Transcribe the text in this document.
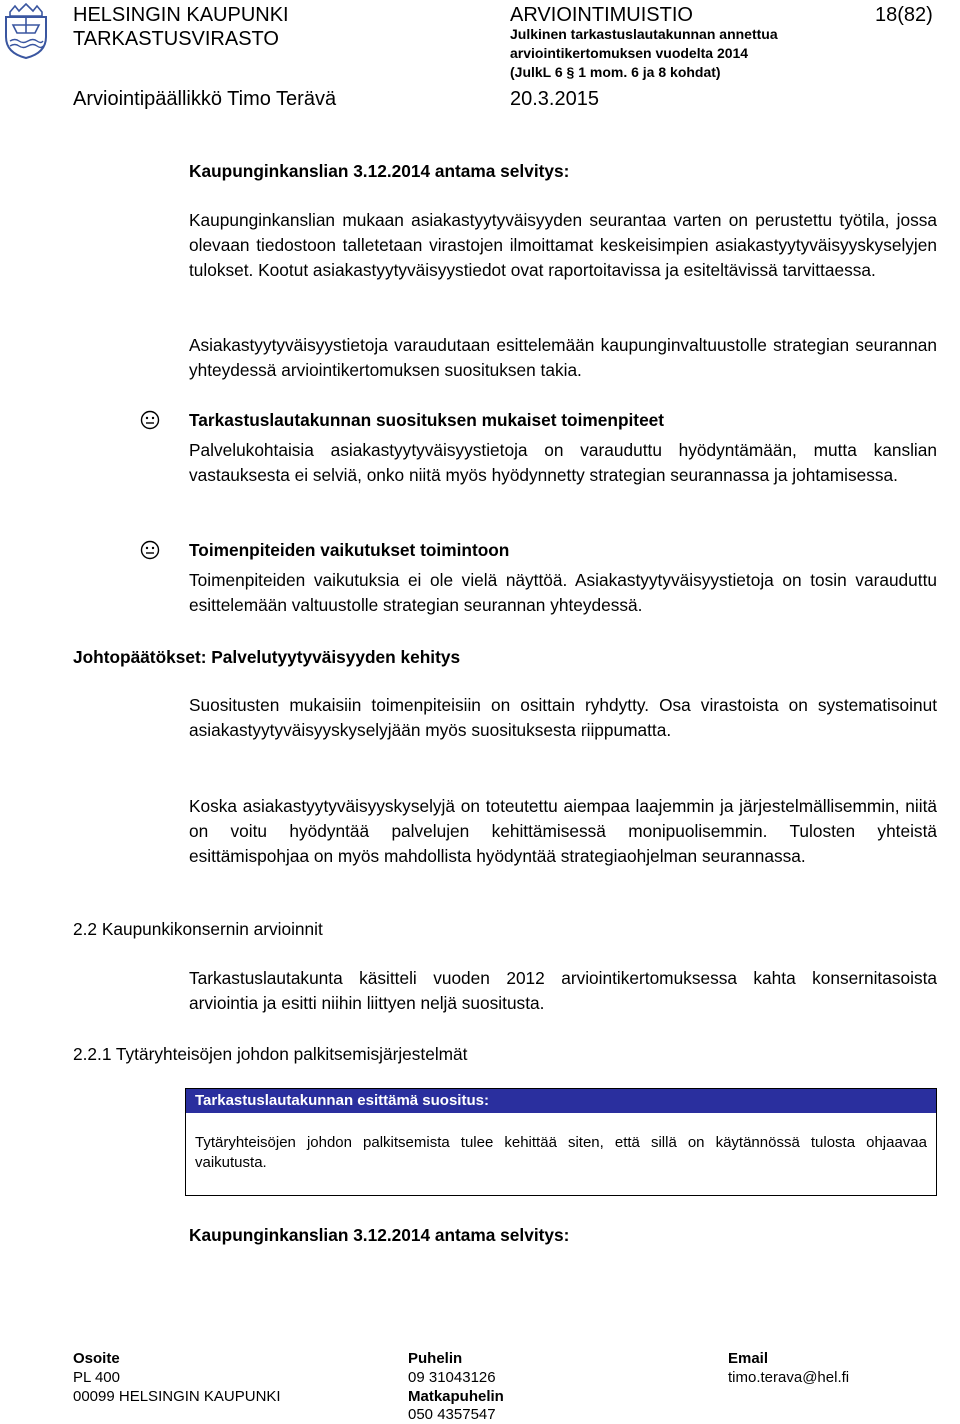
HELSINGIN KAUPUNKI
TARKASTUSVIRASTO
Arviointipäällikkö Timo Terävä
ARVIOINTIMUISTIO
Julkinen tarkastuslautakunnan annettua
arviointikertomuksen vuodelta 2014
(JulkL 6 § 1 mom. 6 ja 8 kohdat)
20.3.2015
18(82)
Kaupunginkanslian 3.12.2014 antama selvitys:
Kaupunginkanslian mukaan asiakastyytyväisyyden seurantaa varten on perustettu työtila, jossa olevaan tiedostoon talletetaan virastojen ilmoittamat keskeisimpien asiakastyytyväisyyskyselyjen tulokset. Kootut asiakastyytyväisyystiedot ovat raportoitavissa ja esiteltävissä tarvittaessa.
Asiakastyytyväisyystietoja varaudutaan esittelemään kaupunginvaltuustolle strategian seurannan yhteydessä arviointikertomuksen suosituksen takia.
Tarkastuslautakunnan suosituksen mukaiset toimenpiteet
Palvelukohtaisia asiakastyytyväisyystietoja on varauduttu hyödyntämään, mutta kanslian vastauksesta ei selviä, onko niitä myös hyödynnetty strategian seurannassa ja johtamisessa.
Toimenpiteiden vaikutukset toimintoon
Toimenpiteiden vaikutuksia ei ole vielä näyttöä. Asiakastyytyväisyystietoja on tosin varauduttu esittelemään valtuustolle strategian seurannan yhteydessä.
Johtopäätökset: Palvelutyytyväisyyden kehitys
Suositusten mukaisiin toimenpiteisiin on osittain ryhdytty. Osa virastoista on systematisoinut asiakastyytyväisyyskyselyjään myös suosituksesta riippumatta.
Koska asiakastyytyväisyyskyselyjä on toteutettu aiempaa laajemmin ja järjestelmällisemmin, niitä on voitu hyödyntää palvelujen kehittämisessä monipuolisemmin. Tulosten yhteistä esittämispohjaa on myös mahdollista hyödyntää strategiaohjelman seurannassa.
2.2 Kaupunkikonsernin arvioinnit
Tarkastuslautakunta käsitteli vuoden 2012 arviointikertomuksessa kahta konsernitasoista arviointia ja esitti niihin liittyen neljä suositusta.
2.2.1 Tytäryhteisöjen johdon palkitsemisjärjestelmät
Tarkastuslautakunnan esittämä suositus:
Tytäryhteisöjen johdon palkitsemista tulee kehittää siten, että sillä on käytännössä tulosta ohjaavaa vaikutusta.
Kaupunginkanslian 3.12.2014 antama selvitys:
Osoite
PL 400
00099 HELSINGIN KAUPUNKI
Puhelin
09 31043126
Matkapuhelin
050 4357547
Email
timo.terava@hel.fi
